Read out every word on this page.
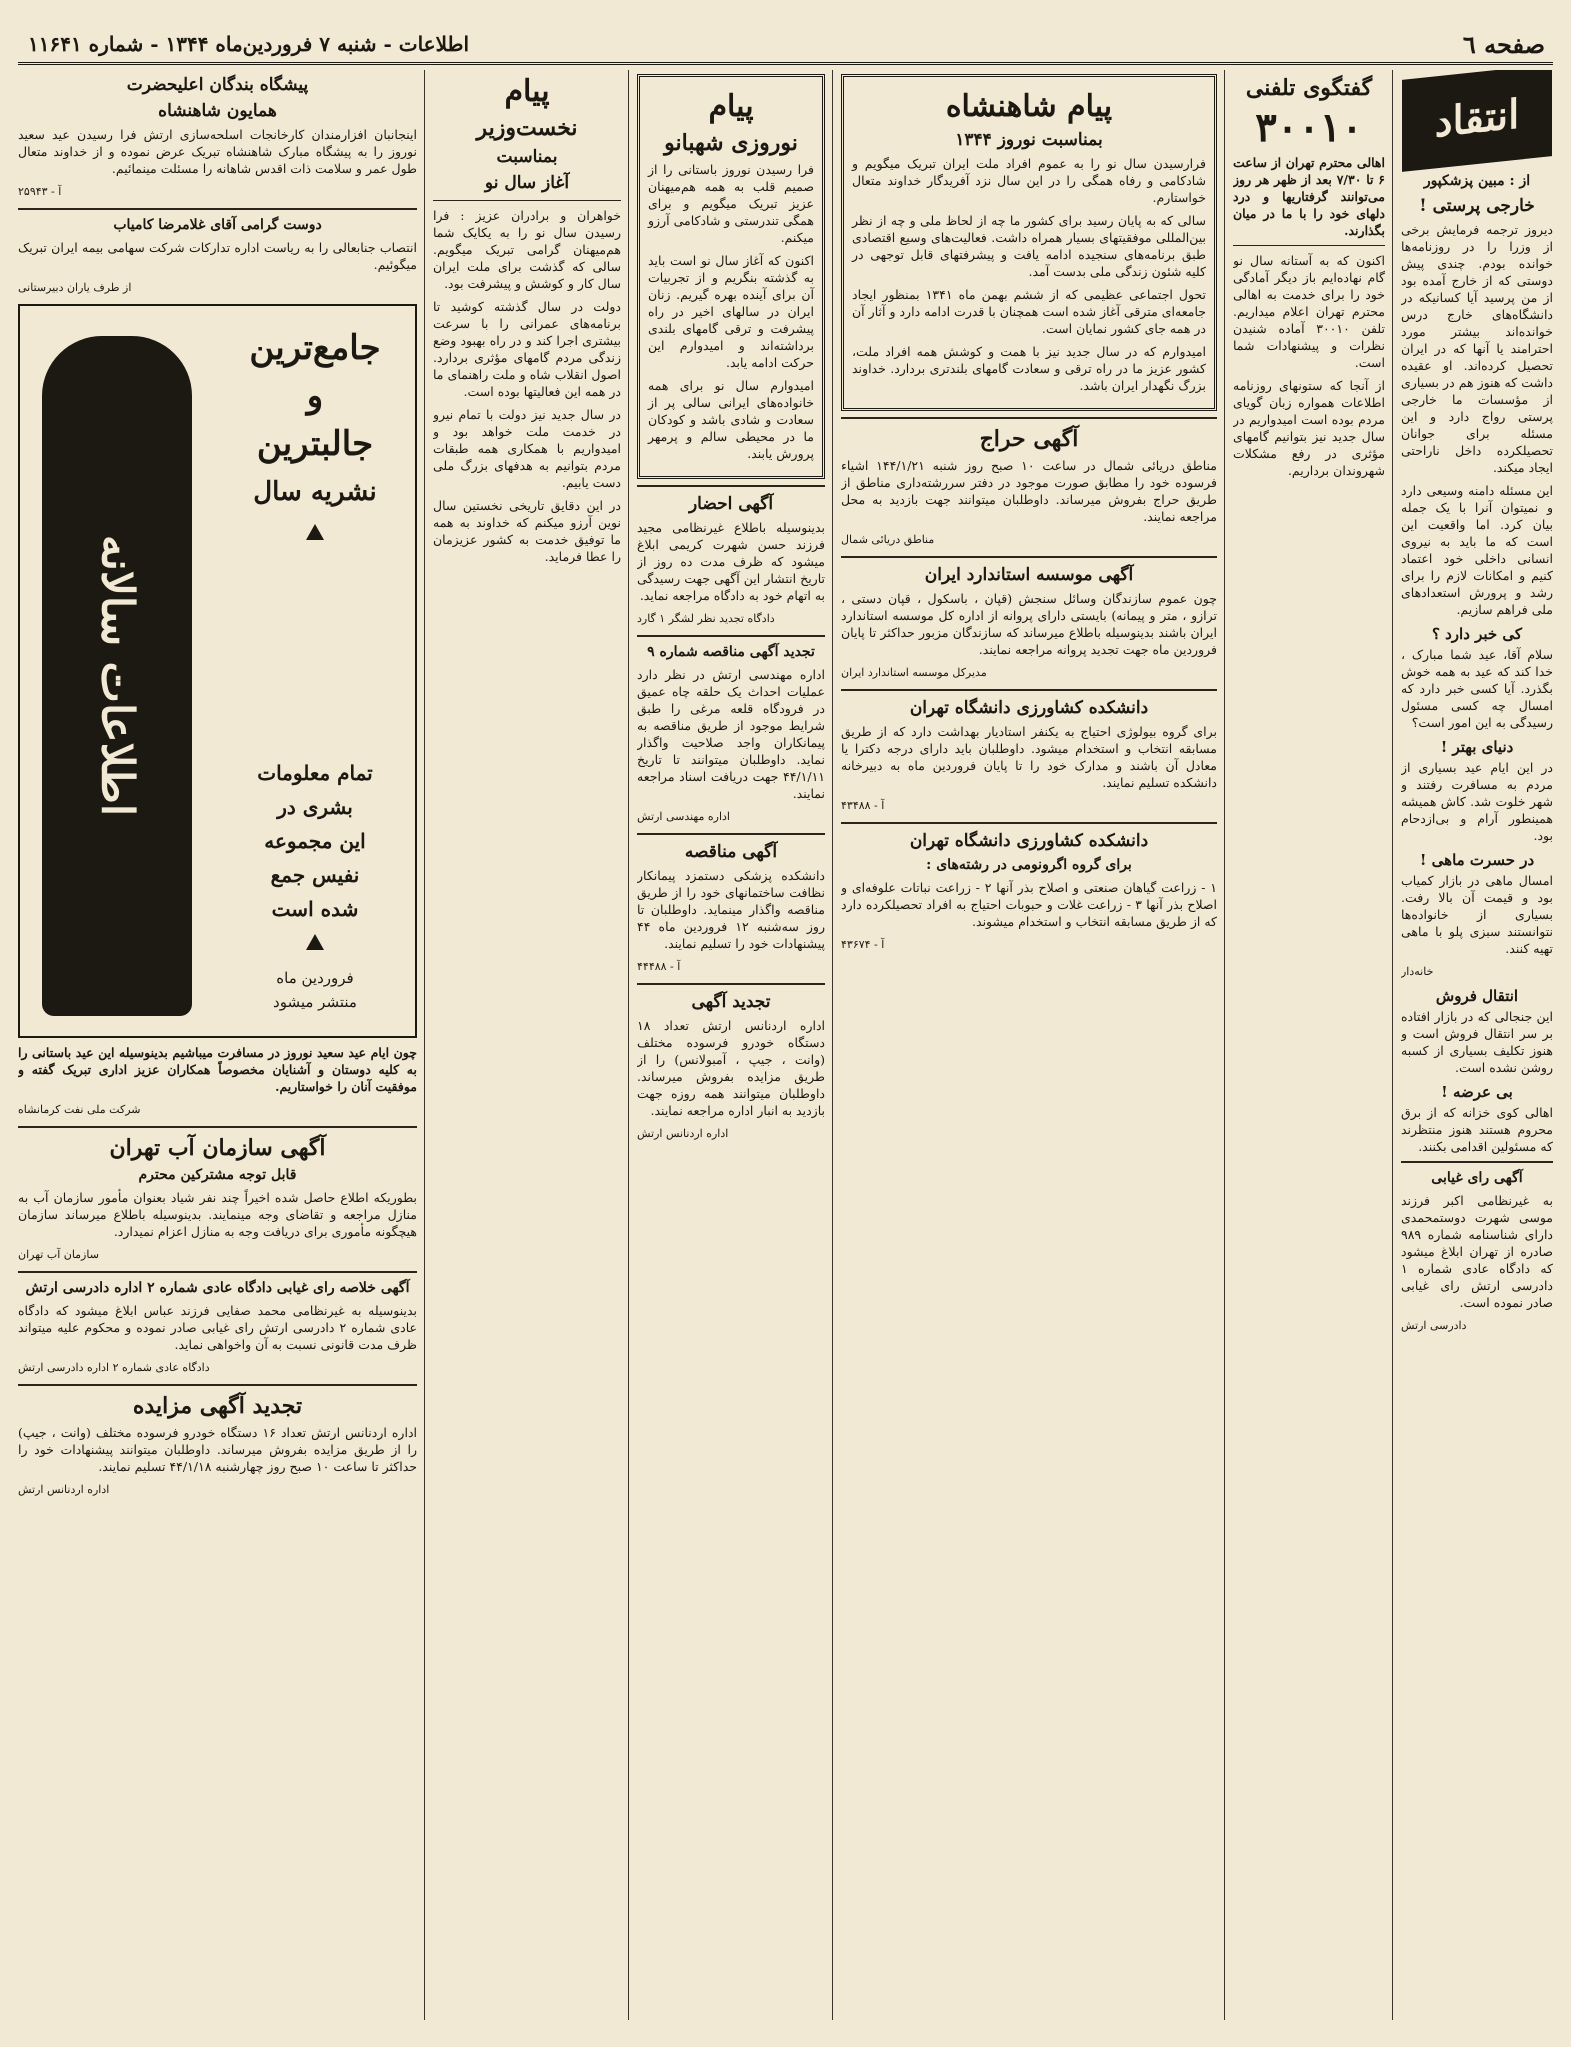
صفحه ٦
اطلاعات - شنبه ۷ فروردین‌ماه ۱۳۴۴ - شماره ۱۱۶۴۱
انتقاد
از : مبین پزشکپور
خارجی پرستی !

دیروز ترجمه فرمایش برخی از وزرا را در روزنامه‌ها خوانده بودم. چندی پیش دوستی که از خارج آمده بود از من پرسید آیا کسانیکه در دانشگاه‌های خارج درس خوانده‌اند بیشتر مورد احترامند یا آنها که در ایران تحصیل کرده‌اند. او عقیده داشت که هنوز هم در بسیاری از مؤسسات ما خارجی پرستی رواج دارد و این مسئله برای جوانان تحصیلکرده داخل ناراحتی ایجاد میکند.

این مسئله دامنه وسیعی دارد و نمیتوان آنرا با یک جمله بیان کرد. اما واقعیت این است که ما باید به نیروی انسانی داخلی خود اعتماد کنیم و امکانات لازم را برای رشد و پرورش استعدادهای ملی فراهم سازیم.

کی خبر دارد ؟

سلام آقا، عید شما مبارک ، خدا کند که عید به همه خوش بگذرد. آیا کسی خبر دارد که امسال چه کسی مسئول رسیدگی به این امور است؟

دنیای بهتر !

در این ایام عید بسیاری از مردم به مسافرت رفتند و شهر خلوت شد. کاش همیشه همینطور آرام و بی‌ازدحام بود.

در حسرت ماهی !

امسال ماهی در بازار کمیاب بود و قیمت آن بالا رفت. بسیاری از خانواده‌ها نتوانستند سبزی پلو با ماهی تهیه کنند.

خانه‌دار
انتقال فروش

این جنجالی که در بازار افتاده بر سر انتقال فروش است و هنوز تکلیف بسیاری از کسبه روشن نشده است.

بی عرضه !

اهالی کوی خزانه که از برق محروم هستند هنوز منتظرند که مسئولین اقدامی بکنند.

آگهی رای غیابی

به غیرنظامی اکبر فرزند موسی شهرت دوستمحمدی دارای شناسنامه شماره ۹۸۹ صادره از تهران ابلاغ میشود که دادگاه عادی شماره ۱ دادرسی ارتش رای غیابی صادر نموده است.

دادرسی ارتش
گفتگوی تلفنی
۳۰۰۱۰

اهالی محترم تهران از ساعت ۶ تا ۷/۳۰ بعد از ظهر هر روز می‌توانند گرفتاریها و درد دلهای خود را با ما در میان بگذارند.

اکنون که به آستانه سال نو گام نهاده‌ایم باز دیگر آمادگی خود را برای خدمت به اهالی محترم تهران اعلام میداریم. تلفن ۳۰۰۱۰ آماده شنیدن نظرات و پیشنهادات شما است.

از آنجا که ستونهای روزنامه اطلاعات همواره زبان گویای مردم بوده است امیدواریم در سال جدید نیز بتوانیم گامهای مؤثری در رفع مشکلات شهروندان برداریم.

پیام شاهنشاه
بمناسبت نوروز ۱۳۴۴

فرارسیدن سال نو را به عموم افراد ملت ایران تبریک میگویم و شادکامی و رفاه همگی را در این سال نزد آفریدگار خداوند متعال خواستارم.

سالی که به پایان رسید برای کشور ما چه از لحاظ ملی و چه از نظر بین‌المللی موفقیتهای بسیار همراه داشت. فعالیت‌های وسیع اقتصادی طبق برنامه‌های سنجیده ادامه یافت و پیشرفتهای قابل توجهی در کلیه شئون زندگی ملی بدست آمد.

تحول اجتماعی عظیمی که از ششم بهمن ماه ۱۳۴۱ بمنظور ایجاد جامعه‌ای مترقی آغاز شده است همچنان با قدرت ادامه دارد و آثار آن در همه جای کشور نمایان است.

امیدوارم که در سال جدید نیز با همت و کوشش همه افراد ملت، کشور عزیز ما در راه ترقی و سعادت گامهای بلندتری بردارد. خداوند بزرگ نگهدار ایران باشد.

آگهی حراج

مناطق دریائی شمال در ساعت ۱۰ صبح روز شنبه ۱۴۴/۱/۲۱ اشیاء فرسوده خود را مطابق صورت موجود در دفتر سررشته‌داری مناطق از طریق حراج بفروش میرساند. داوطلبان میتوانند جهت بازدید به محل مراجعه نمایند.

مناطق دریائی شمال
آگهی موسسه استاندارد ایران

چون عموم سازندگان وسائل سنجش (قپان ، باسکول ، قپان دستی ، ترازو ، متر و پیمانه) بایستی دارای پروانه از اداره کل موسسه استاندارد ایران باشند بدینوسیله باطلاع میرساند که سازندگان مزبور حداکثر تا پایان فروردین ماه جهت تجدید پروانه مراجعه نمایند.

مدیرکل موسسه استاندارد ایران
دانشکده کشاورزی دانشگاه تهران

برای گروه بیولوژی احتیاج به یکنفر استادیار بهداشت دارد که از طریق مسابقه انتخاب و استخدام میشود. داوطلبان باید دارای درجه دکترا یا معادل آن باشند و مدارک خود را تا پایان فروردین ماه به دبیرخانه دانشکده تسلیم نمایند.

آ - ۴۳۴۸۸
دانشکده کشاورزی دانشگاه تهران
برای گروه اگرونومی در رشته‌های :

۱ - زراعت گیاهان صنعتی و اصلاح بذر آنها ۲ - زراعت نباتات علوفه‌ای و اصلاح بذر آنها ۳ - زراعت غلات و حبوبات احتیاج به افراد تحصیلکرده دارد که از طریق مسابقه انتخاب و استخدام میشوند.

آ - ۴۳۶۷۴
پیام
نوروزی شهبانو

فرا رسیدن نوروز باستانی را از صمیم قلب به همه هم‌میهنان عزیز تبریک میگویم و برای همگی تندرستی و شادکامی آرزو میکنم.

اکنون که آغاز سال نو است باید به گذشته بنگریم و از تجربیات آن برای آینده بهره گیریم. زنان ایران در سالهای اخیر در راه پیشرفت و ترقی گامهای بلندی برداشته‌اند و امیدوارم این حرکت ادامه یابد.

امیدوارم سال نو برای همه خانواده‌های ایرانی سالی پر از سعادت و شادی باشد و کودکان ما در محیطی سالم و پرمهر پرورش یابند.

آگهی احضار

بدینوسیله باطلاع غیرنظامی مجید فرزند حسن شهرت کریمی ابلاغ میشود که ظرف مدت ده روز از تاریخ انتشار این آگهی جهت رسیدگی به اتهام خود به دادگاه مراجعه نماید.

دادگاه تجدید نظر لشگر ۱ گارد
تجدید آگهی مناقصه شماره ۹

اداره مهندسی ارتش در نظر دارد عملیات احداث یک حلقه چاه عمیق در فرودگاه قلعه مرغی را طبق شرایط موجود از طریق مناقصه به پیمانکاران واجد صلاحیت واگذار نماید. داوطلبان میتوانند تا تاریخ ۴۴/۱/۱۱ جهت دریافت اسناد مراجعه نمایند.

اداره مهندسی ارتش
آگهی مناقصه

دانشکده پزشکی دستمزد پیمانکار نظافت ساختمانهای خود را از طریق مناقصه واگذار مینماید. داوطلبان تا روز سه‌شنبه ۱۲ فروردین ماه ۴۴ پیشنهادات خود را تسلیم نمایند.

آ - ۴۴۴۸۸
تجدید آگهی

اداره اردنانس ارتش تعداد ۱۸ دستگاه خودرو فرسوده مختلف (وانت ، جیپ ، آمبولانس) را از طریق مزایده بفروش میرساند. داوطلبان میتوانند همه روزه جهت بازدید به انبار اداره مراجعه نمایند.

اداره اردنانس ارتش
پیام
نخست‌وزیر
بمناسبت
آغاز سال نو

خواهران و برادران عزیز : فرا رسیدن سال نو را به یکایک شما هم‌میهنان گرامی تبریک میگویم. سالی که گذشت برای ملت ایران سال کار و کوشش و پیشرفت بود.

دولت در سال گذشته کوشید تا برنامه‌های عمرانی را با سرعت بیشتری اجرا کند و در راه بهبود وضع زندگی مردم گامهای مؤثری بردارد. اصول انقلاب شاه و ملت راهنمای ما در همه این فعالیتها بوده است.

در سال جدید نیز دولت با تمام نیرو در خدمت ملت خواهد بود و امیدواریم با همکاری همه طبقات مردم بتوانیم به هدفهای بزرگ ملی دست یابیم.

در این دقایق تاریخی نخستین سال نوین آرزو میکنم که خداوند به همه ما توفیق خدمت به کشور عزیزمان را عطا فرماید.

پیشگاه بندگان اعلیحضرت
همایون شاهنشاه

اینجانبان افزارمندان کارخانجات اسلحه‌سازی ارتش فرا رسیدن عید سعید نوروز را به پیشگاه مبارک شاهنشاه تبریک عرض نموده و از خداوند متعال طول عمر و سلامت ذات اقدس شاهانه را مسئلت مینمائیم.

آ - ۲۵۹۴۳
دوست گرامی آقای غلامرضا کامیاب

انتصاب جنابعالی را به ریاست اداره تدارکات شرکت سهامی بیمه ایران تبریک میگوئیم.

از طرف یاران دبیرستانی
جامع‌ترین
و
جالبترین
نشریه سال
تمام معلومات
بشری در
این مجموعه
نفیس جمع
شده است
فروردین ماه
منتشر میشود
اطلاعات سالانه

چون ایام عید سعید نوروز در مسافرت میباشیم بدینوسیله این عید باستانی را به کلیه دوستان و آشنایان مخصوصاً همکاران عزیز اداری تبریک گفته و موفقیت آنان را خواستاریم.

شرکت ملی نفت کرمانشاه
آگهی سازمان آب تهران
قابل توجه مشترکین محترم

بطوریکه اطلاع حاصل شده اخیراً چند نفر شیاد بعنوان مأمور سازمان آب به منازل مراجعه و تقاضای وجه مینمایند. بدینوسیله باطلاع میرساند سازمان هیچگونه مأموری برای دریافت وجه به منازل اعزام نمیدارد.

سازمان آب تهران
آگهی خلاصه رای غیابی دادگاه عادی شماره ۲ اداره دادرسی ارتش

بدینوسیله به غیرنظامی محمد صفایی فرزند عباس ابلاغ میشود که دادگاه عادی شماره ۲ دادرسی ارتش رای غیابی صادر نموده و محکوم علیه میتواند ظرف مدت قانونی نسبت به آن واخواهی نماید.

دادگاه عادی شماره ۲ اداره دادرسی ارتش
تجدید آگهی مزایده

اداره اردنانس ارتش تعداد ۱۶ دستگاه خودرو فرسوده مختلف (وانت ، جیپ) را از طریق مزایده بفروش میرساند. داوطلبان میتوانند پیشنهادات خود را حداکثر تا ساعت ۱۰ صبح روز چهارشنبه ۴۴/۱/۱۸ تسلیم نمایند.

اداره اردنانس ارتش
